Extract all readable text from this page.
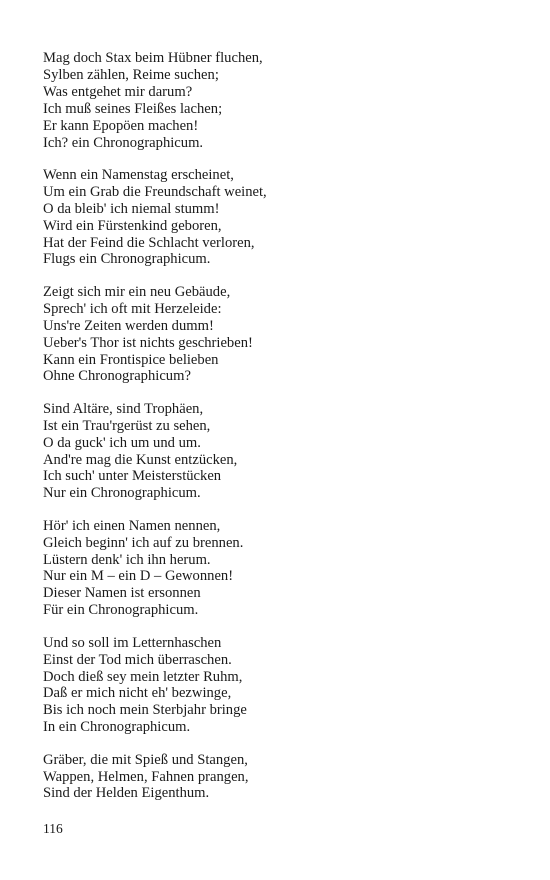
Mag doch Stax beim Hübner fluchen,
Sylben zählen, Reime suchen;
Was entgehet mir darum?
Ich muß seines Fleißes lachen;
Er kann Epopöen machen!
Ich? ein Chronographicum.
Wenn ein Namenstag erscheinet,
Um ein Grab die Freundschaft weinet,
O da bleib' ich niemal stumm!
Wird ein Fürstenkind geboren,
Hat der Feind die Schlacht verloren,
Flugs ein Chronographicum.
Zeigt sich mir ein neu Gebäude,
Sprech' ich oft mit Herzeleide:
Uns're Zeiten werden dumm!
Ueber's Thor ist nichts geschrieben!
Kann ein Frontispice belieben
Ohne Chronographicum?
Sind Altäre, sind Trophäen,
Ist ein Trau'rgerüst zu sehen,
O da guck' ich um und um.
And're mag die Kunst entzücken,
Ich such' unter Meisterstücken
Nur ein Chronographicum.
Hör' ich einen Namen nennen,
Gleich beginn' ich auf zu brennen.
Lüstern denk' ich ihn herum.
Nur ein M – ein D – Gewonnen!
Dieser Namen ist ersonnen
Für ein Chronographicum.
Und so soll im Letternhaschen
Einst der Tod mich überraschen.
Doch dieß sey mein letzter Ruhm,
Daß er mich nicht eh' bezwinge,
Bis ich noch mein Sterbjahr bringe
In ein Chronographicum.
Gräber, die mit Spieß und Stangen,
Wappen, Helmen, Fahnen prangen,
Sind der Helden Eigenthum.
116
